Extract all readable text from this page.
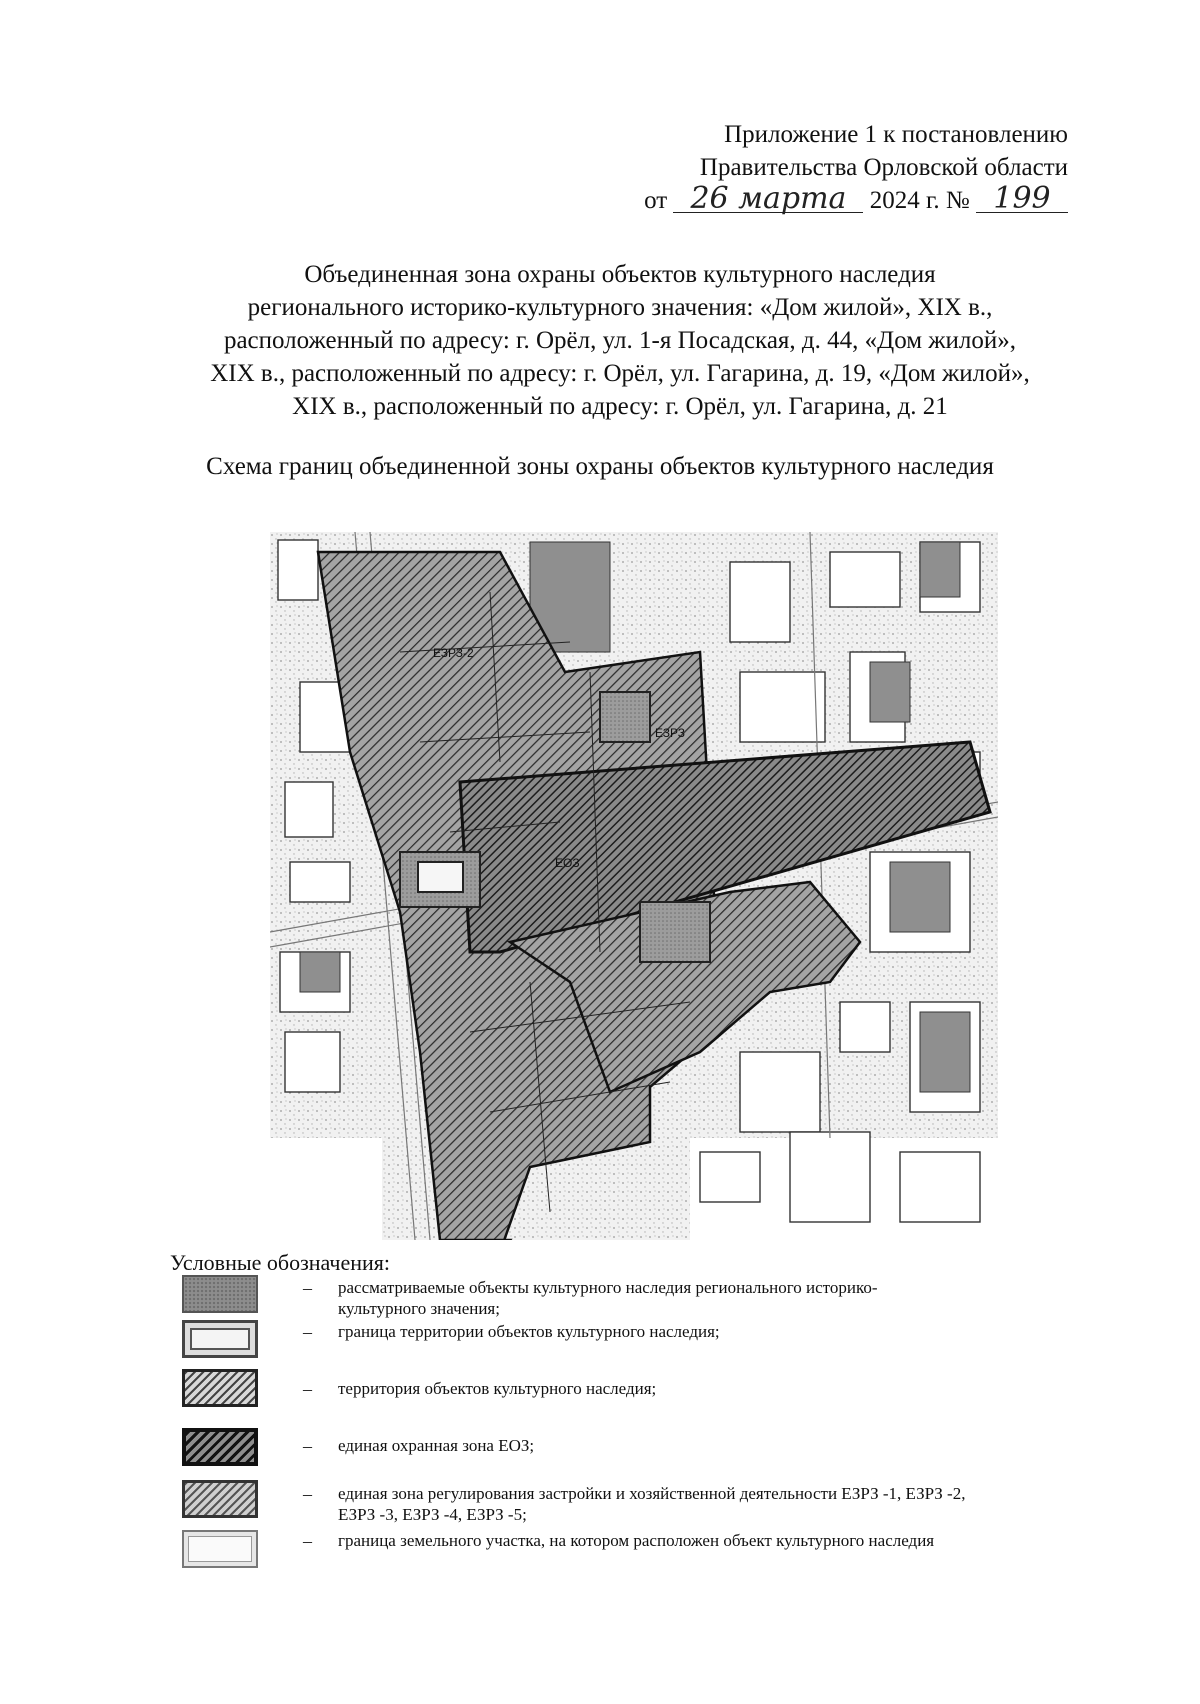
Приложение 1 к постановлению
Правительства Орловской области
от 26 марта 2024 г. № 199
Объединенная зона охраны объектов культурного наследия
регионального историко-культурного значения: «Дом жилой», XIX в.,
расположенный по адресу: г. Орёл, ул. 1-я Посадская, д. 44, «Дом жилой»,
XIX в., расположенный по адресу: г. Орёл, ул. Гагарина, д. 19, «Дом жилой»,
XIX в., расположенный по адресу: г. Орёл, ул. Гагарина, д. 21
Схема границ объединенной зоны охраны объектов культурного наследия
ЕЗРЗ-2
ЕЗРЗ
ЕОЗ
Условные обозначения:
– рассматриваемые объекты культурного наследия регионального историко-
культурного значения;
– граница территории объектов культурного наследия;
– территория объектов культурного наследия;
– единая охранная зона ЕОЗ;
– единая зона регулирования застройки и хозяйственной деятельности ЕЗРЗ -1, ЕЗРЗ -2,
ЕЗРЗ -3, ЕЗРЗ -4, ЕЗРЗ -5;
– граница земельного участка, на котором расположен объект культурного наследия
